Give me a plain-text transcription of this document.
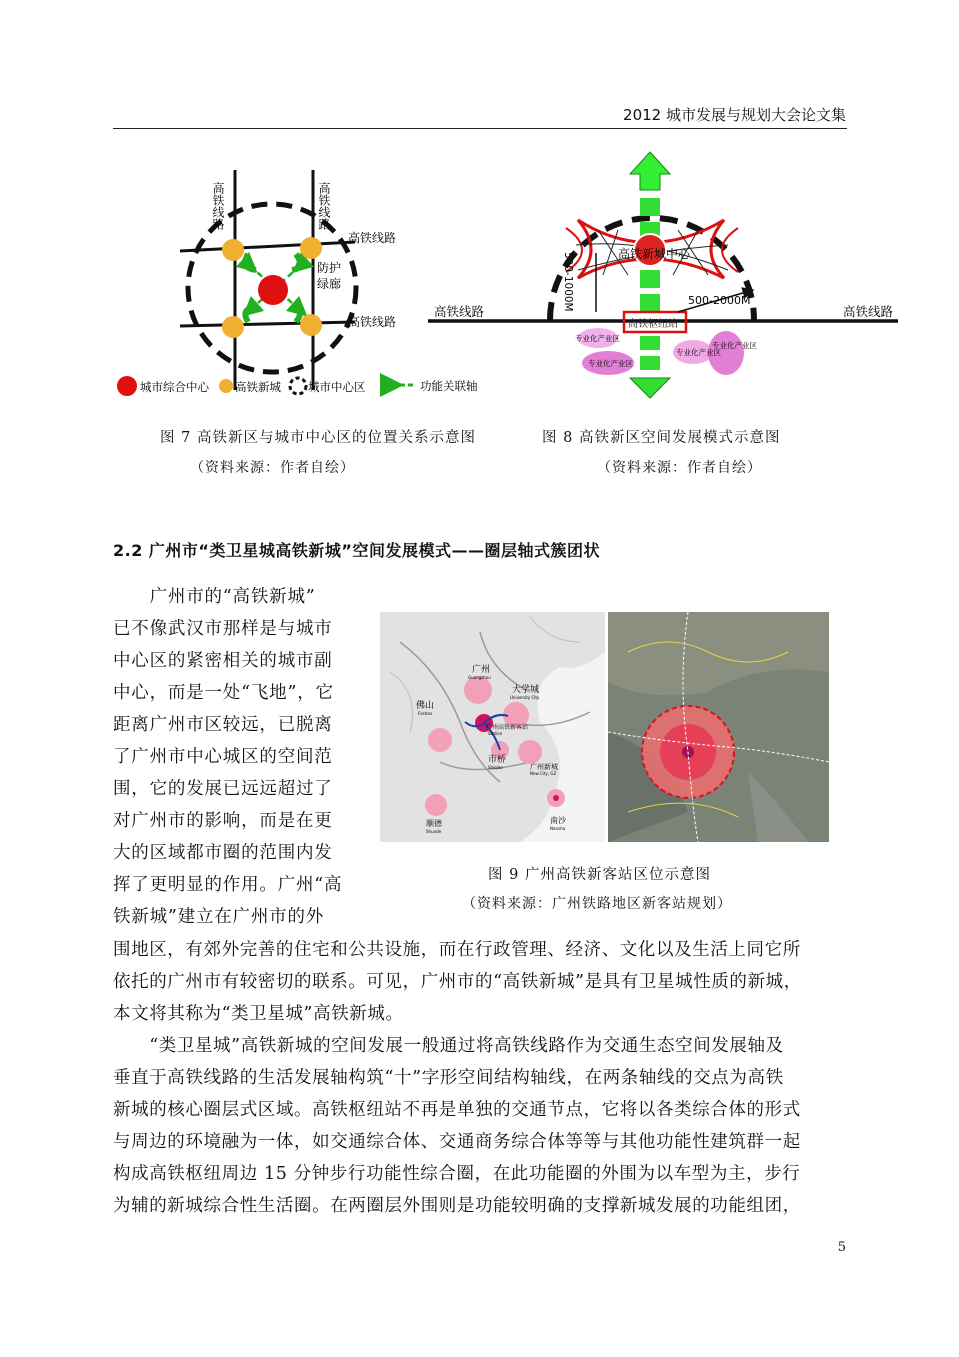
2012 城市发展与规划大会论文集
高铁线路	高铁线路
高铁线路
高铁线路
防护绿廊
城市综合中心 高铁新城 城市中心区	功能关联轴
图 7 高铁新区与城市中心区的位置关系示意图
（资料来源：作者自绘）
高铁枢纽站
高铁新城中心
500-1000M	500-2000M
专业化产业区
专业化产业区
专业化产业区
专业化产业区
高铁线路	高铁线路
图 8 高铁新区空间发展模式示意图
（资料来源：作者自绘）
2.2 广州市“类卫星城高铁新城”空间发展模式——圈层轴式簇团状
广州
Guangzhou
佛山
Foshan
大学城
University City
广州高铁新客站
Station
市桥
Shiqiao	广州新城
New City, GZ
顺德
Shunde
南沙
Nansha
图 9 广州高铁新客站区位示意图
（资料来源：广州铁路地区新客站规划）
　　广州市的“高铁新城”
已不像武汉市那样是与城市
中心区的紧密相关的城市副
中心，而是一处“飞地”，它
距离广州市区较远，已脱离
了广州市中心城区的空间范
围，它的发展已远远超过了
对广州市的影响，而是在更
大的区域都市圈的范围内发
挥了更明显的作用。广州“高
铁新城”建立在广州市的外
围地区，有郊外完善的住宅和公共设施，而在行政管理、经济、文化以及生活上同它所
依托的广州市有较密切的联系。可见，广州市的“高铁新城”是具有卫星城性质的新城，
本文将其称为“类卫星城”高铁新城。
　　“类卫星城”高铁新城的空间发展一般通过将高铁线路作为交通生态空间发展轴及
垂直于高铁线路的生活发展轴构筑“十”字形空间结构轴线，在两条轴线的交点为高铁
新城的核心圈层式区域。高铁枢纽站不再是单独的交通节点，它将以各类综合体的形式
与周边的环境融为一体，如交通综合体、交通商务综合体等等与其他功能性建筑群一起
构成高铁枢纽周边 15 分钟步行功能性综合圈，在此功能圈的外围为以车型为主，步行
为辅的新城综合性生活圈。在两圈层外围则是功能较明确的支撑新城发展的功能组团，
5
